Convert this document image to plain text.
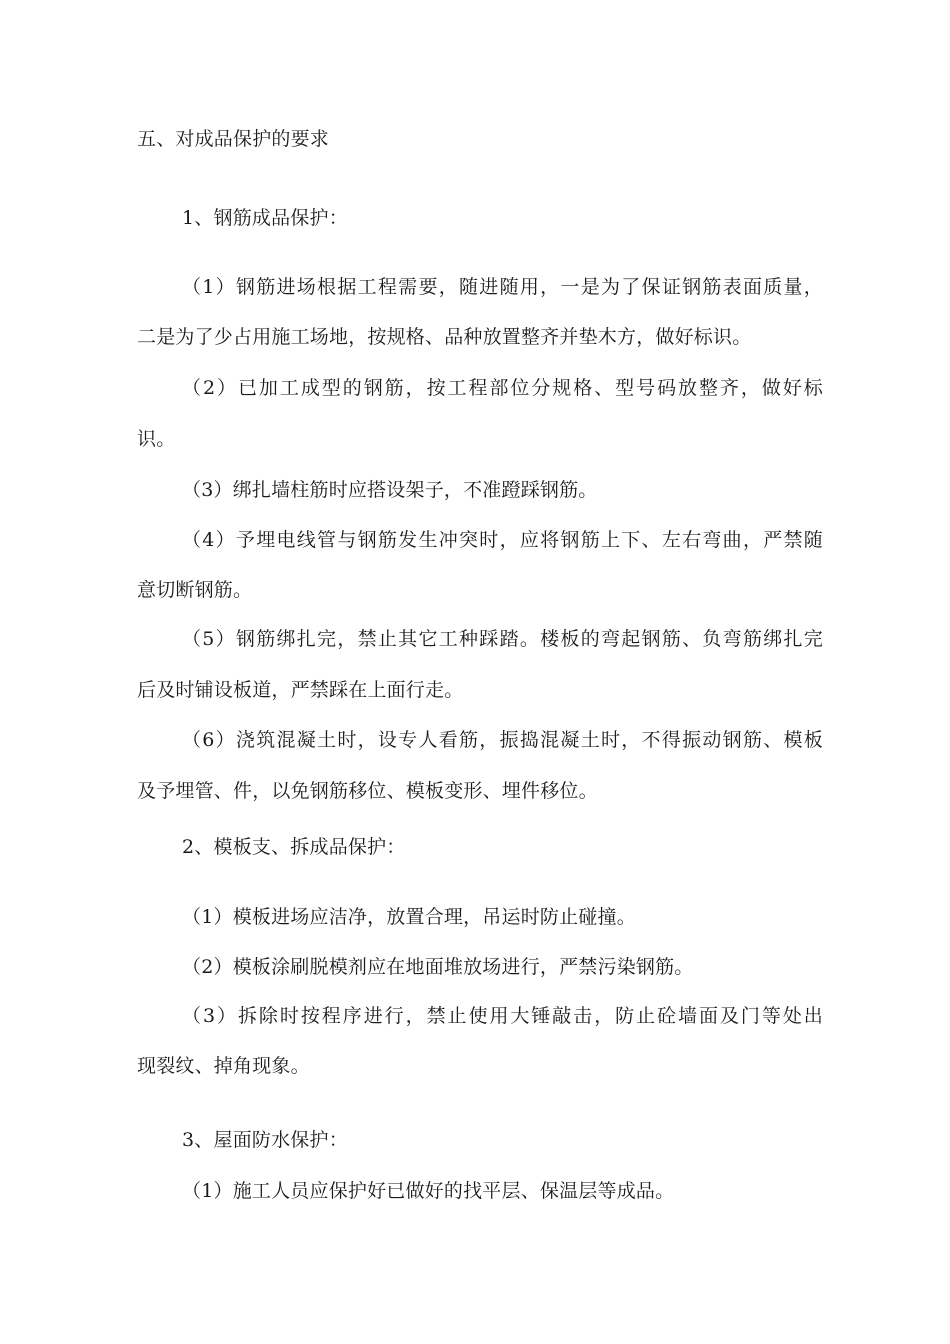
五、对成品保护的要求
1、钢筋成品保护：
（1）钢筋进场根据工程需要，随进随用，一是为了保证钢筋表面质量，
二是为了少占用施工场地，按规格、品种放置整齐并垫木方，做好标识。
（2）已加工成型的钢筋，按工程部位分规格、型号码放整齐，做好标
识。
（3）绑扎墙柱筋时应搭设架子，不准蹬踩钢筋。
（4）予埋电线管与钢筋发生冲突时，应将钢筋上下、左右弯曲，严禁随
意切断钢筋。
（5）钢筋绑扎完，禁止其它工种踩踏。楼板的弯起钢筋、负弯筋绑扎完
后及时铺设板道，严禁踩在上面行走。
（6）浇筑混凝土时，设专人看筋，振捣混凝土时，不得振动钢筋、模板
及予埋管、件，以免钢筋移位、模板变形、埋件移位。
2、模板支、拆成品保护：
（1）模板进场应洁净，放置合理，吊运时防止碰撞。
（2）模板涂刷脱模剂应在地面堆放场进行，严禁污染钢筋。
（3）拆除时按程序进行，禁止使用大锤敲击，防止砼墙面及门等处出
现裂纹、掉角现象。
3、屋面防水保护：
（1）施工人员应保护好已做好的找平层、保温层等成品。
